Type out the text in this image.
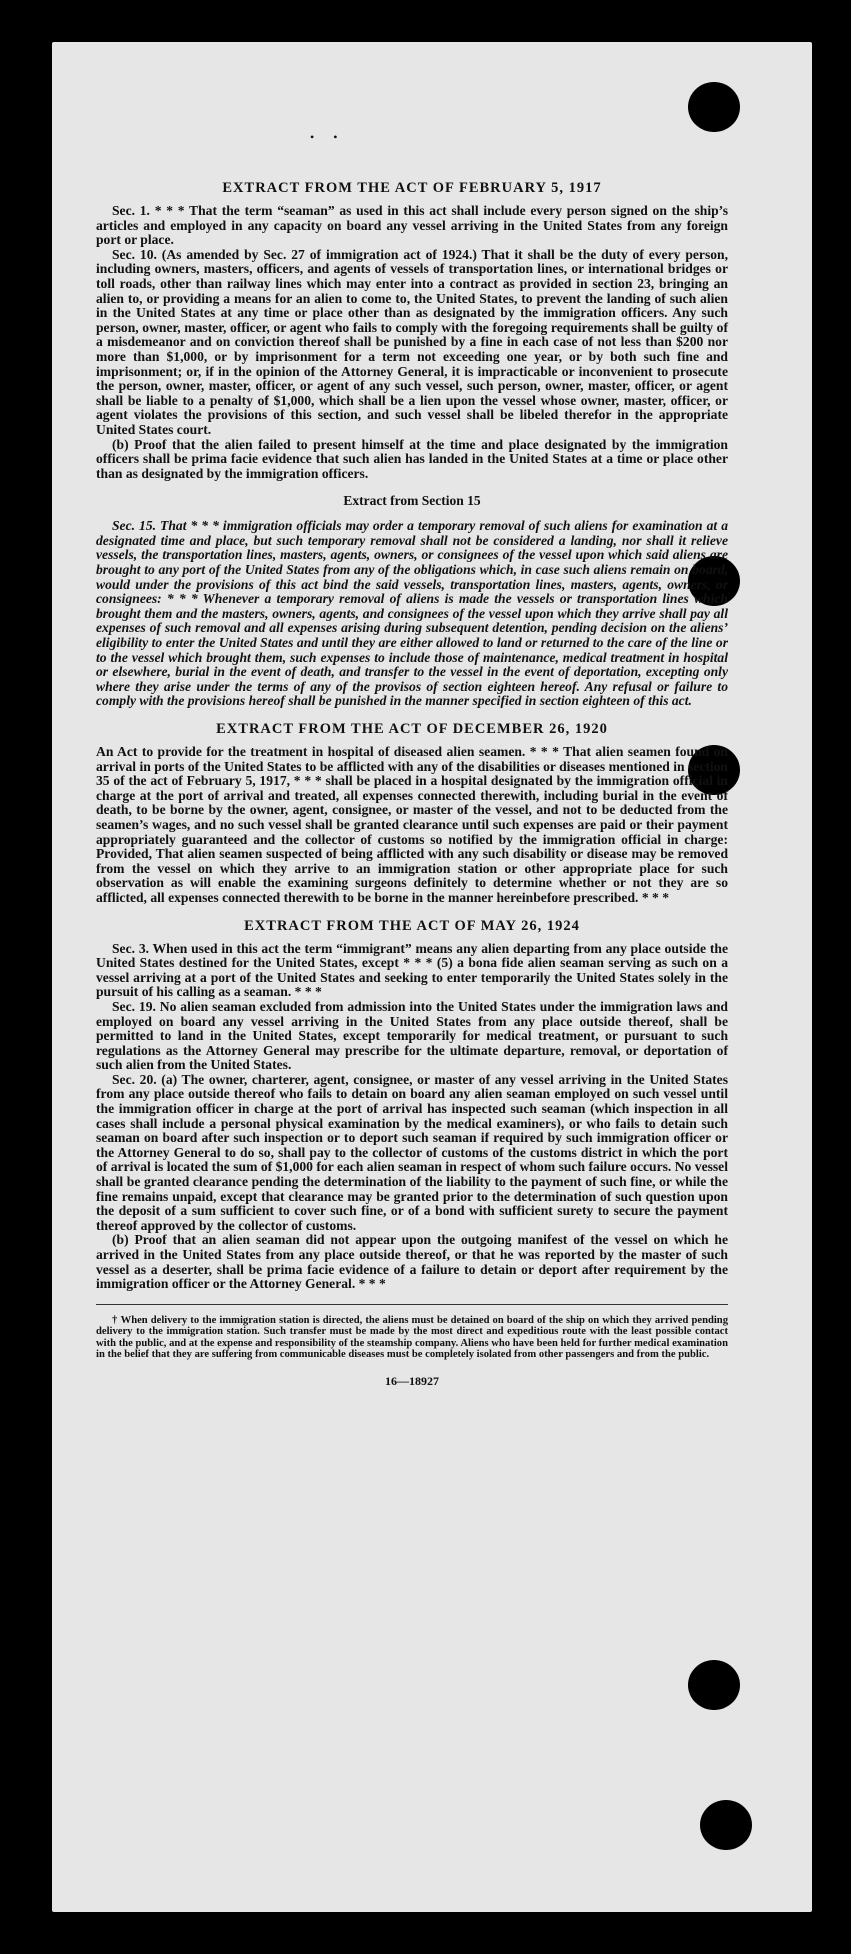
• •
EXTRACT FROM THE ACT OF FEBRUARY 5, 1917

Sec. 1. * * * That the term “seaman” as used in this act shall include every person signed on the ship’s articles and employed in any capacity on board any vessel arriving in the United States from any foreign port or place.

Sec. 10. (As amended by Sec. 27 of immigration act of 1924.) That it shall be the duty of every person, including owners, masters, officers, and agents of vessels of transportation lines, or international bridges or toll roads, other than railway lines which may enter into a contract as provided in section 23, bringing an alien to, or providing a means for an alien to come to, the United States, to prevent the landing of such alien in the United States at any time or place other than as designated by the immigration officers. Any such person, owner, master, officer, or agent who fails to comply with the foregoing requirements shall be guilty of a misdemeanor and on conviction thereof shall be punished by a fine in each case of not less than $200 nor more than $1,000, or by imprisonment for a term not exceeding one year, or by both such fine and imprisonment; or, if in the opinion of the Attorney General, it is impracticable or inconvenient to prosecute the person, owner, master, officer, or agent of any such vessel, such person, owner, master, officer, or agent shall be liable to a penalty of $1,000, which shall be a lien upon the vessel whose owner, master, officer, or agent violates the provisions of this section, and such vessel shall be libeled therefor in the appropriate United States court.

(b) Proof that the alien failed to present himself at the time and place designated by the immigration officers shall be prima facie evidence that such alien has landed in the United States at a time or place other than as designated by the immigration officers.

Extract from Section 15

Sec. 15. That * * * immigration officials may order a temporary removal of such aliens for examination at a designated time and place, but such temporary removal shall not be considered a landing, nor shall it relieve vessels, the transportation lines, masters, agents, owners, or consignees of the vessel upon which said aliens are brought to any port of the United States from any of the obligations which, in case such aliens remain on board, would under the provisions of this act bind the said vessels, transportation lines, masters, agents, owners, or consignees: * * * Whenever a temporary removal of aliens is made the vessels or transportation lines which brought them and the masters, owners, agents, and consignees of the vessel upon which they arrive shall pay all expenses of such removal and all expenses arising during subsequent detention, pending decision on the aliens’ eligibility to enter the United States and until they are either allowed to land or returned to the care of the line or to the vessel which brought them, such expenses to include those of maintenance, medical treatment in hospital or elsewhere, burial in the event of death, and transfer to the vessel in the event of deportation, excepting only where they arise under the terms of any of the provisos of section eighteen hereof. Any refusal or failure to comply with the provisions hereof shall be punished in the manner specified in section eighteen of this act.

EXTRACT FROM THE ACT OF DECEMBER 26, 1920

An Act to provide for the treatment in hospital of diseased alien seamen. * * * That alien seamen found on arrival in ports of the United States to be afflicted with any of the disabilities or diseases mentioned in section 35 of the act of February 5, 1917, * * * shall be placed in a hospital designated by the immigration official in charge at the port of arrival and treated, all expenses connected therewith, including burial in the event of death, to be borne by the owner, agent, consignee, or master of the vessel, and not to be deducted from the seamen’s wages, and no such vessel shall be granted clearance until such expenses are paid or their payment appropriately guaranteed and the collector of customs so notified by the immigration official in charge: Provided, That alien seamen suspected of being afflicted with any such disability or disease may be removed from the vessel on which they arrive to an immigration station or other appropriate place for such observation as will enable the examining surgeons definitely to determine whether or not they are so afflicted, all expenses connected therewith to be borne in the manner hereinbefore prescribed. * * *

EXTRACT FROM THE ACT OF MAY 26, 1924

Sec. 3. When used in this act the term “immigrant” means any alien departing from any place outside the United States destined for the United States, except * * * (5) a bona fide alien seaman serving as such on a vessel arriving at a port of the United States and seeking to enter temporarily the United States solely in the pursuit of his calling as a seaman. * * *

Sec. 19. No alien seaman excluded from admission into the United States under the immigration laws and employed on board any vessel arriving in the United States from any place outside thereof, shall be permitted to land in the United States, except temporarily for medical treatment, or pursuant to such regulations as the Attorney General may prescribe for the ultimate departure, removal, or deportation of such alien from the United States.

Sec. 20. (a) The owner, charterer, agent, consignee, or master of any vessel arriving in the United States from any place outside thereof who fails to detain on board any alien seaman employed on such vessel until the immigration officer in charge at the port of arrival has inspected such seaman (which inspection in all cases shall include a personal physical examination by the medical examiners), or who fails to detain such seaman on board after such inspection or to deport such seaman if required by such immigration officer or the Attorney General to do so, shall pay to the collector of customs of the customs district in which the port of arrival is located the sum of $1,000 for each alien seaman in respect of whom such failure occurs. No vessel shall be granted clearance pending the determination of the liability to the payment of such fine, or while the fine remains unpaid, except that clearance may be granted prior to the determination of such question upon the deposit of a sum sufficient to cover such fine, or of a bond with sufficient surety to secure the payment thereof approved by the collector of customs.

(b) Proof that an alien seaman did not appear upon the outgoing manifest of the vessel on which he arrived in the United States from any place outside thereof, or that he was reported by the master of such vessel as a deserter, shall be prima facie evidence of a failure to detain or deport after requirement by the immigration officer or the Attorney General. * * *

† When delivery to the immigration station is directed, the aliens must be detained on board of the ship on which they arrived pending delivery to the immigration station. Such transfer must be made by the most direct and expeditious route with the least possible contact with the public, and at the expense and responsibility of the steamship company. Aliens who have been held for further medical examination in the belief that they are suffering from communicable diseases must be completely isolated from other passengers and from the public.

16—18927
